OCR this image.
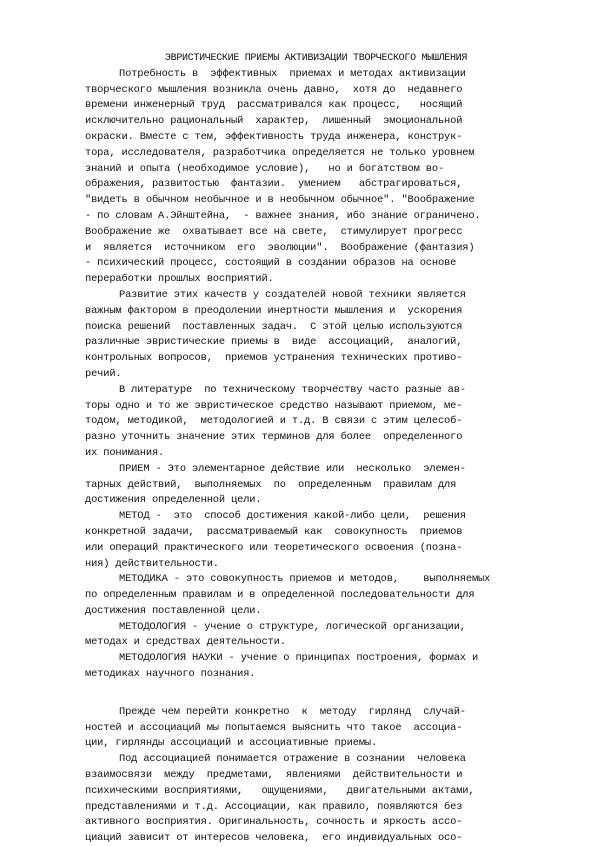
ЭВРИСТИЧЕСКИЕ ПРИЕМЫ АКТИВИЗАЦИИ ТВОРЧЕСКОГО МЫШЛЕНИЯ
Потребность в  эффективных  приемах и методах активизации
творческого мышления возникла очень давно,  хотя до  недавнего
времени инженерный труд  рассматривался как процесс,   носящий
исключительно рациональный  характер,  лишенный  эмоциональной
окраски. Вместе с тем, эффективность труда инженера, конструк-
тора, исследователя, разработчика определяется не только уровнем
знаний и опыта (необходимое условие),   но и богатством во-
ображения, развитостью  фантазии.  умением   абстрагироваться,
"видеть в обычном необычное и в необычном обычное". "Воображение
- по словам А.Эйнштейна,  - важнее знания, ибо знание ограничено.
Воображение же  охватывает все на свете,  стимулирует прогресс
и  является  источником  его  эволюции".  Воображение (фантазия)
- психический процесс, состоящий в создании образов на основе
переработки прошлых восприятий.
Развитие этих качеств у создателей новой техники является
важным фактором в преодолении инертности мышления и  ускорения
поиска решений  поставленных задач.  С этой целью используются
различные эвристические приемы в  виде  ассоциаций,  аналогий,
контрольных вопросов,  приемов устранения технических противо-
речий.
В литературе  по техническому творчеству часто разные ав-
торы одно и то же эвристическое средство называют приемом, ме-
тодом, методикой,  методологией и т.д. В связи с этим целесоб-
разно уточнить значение этих терминов для более  определенного
их понимания.
ПРИЕМ - Это элементарное действие или  несколько  элемен-
тарных действий,  выполняемых  по  определенным  правилам для
достижения определенной цели.
МЕТОД -  это  способ достижения какой-либо цели,  решения
конкретной задачи,  рассматриваемый как  совокупность  приемов
или операций практического или теоретического освоения (позна-
ния) действительности.
МЕТОДИКА - это совокупность приемов и методов,    выполняемых
по определенным правилам и в определенной последовательности для
достижения поставленной цели.
МЕТОДОЛОГИЯ - учение о структуре, логической организации,
методах и средствах деятельности.
МЕТОДОЛОГИЯ НАУКИ - учение о принципах построения, формах и
методиках научного познания.
Прежде чем перейти конкретно  к  методу  гирлянд  случай-
ностей и ассоциаций мы попытаемся выяснить что такое  ассоциа-
ции, гирлянды ассоциаций и ассоциативные приемы.
Под ассоциацией понимается отражение в сознании  человека
взаимосвязи  между  предметами,  явлениями  действительности и
психическими восприятиями,   ощущениями,   двигательными актами,
представлениями и т.д. Ассоциации, как правило, появляются без
активного восприятия. Оригинальность, сочность и яркость ассо-
циаций зависит от интересов человека,  его индивидуальных осо-
